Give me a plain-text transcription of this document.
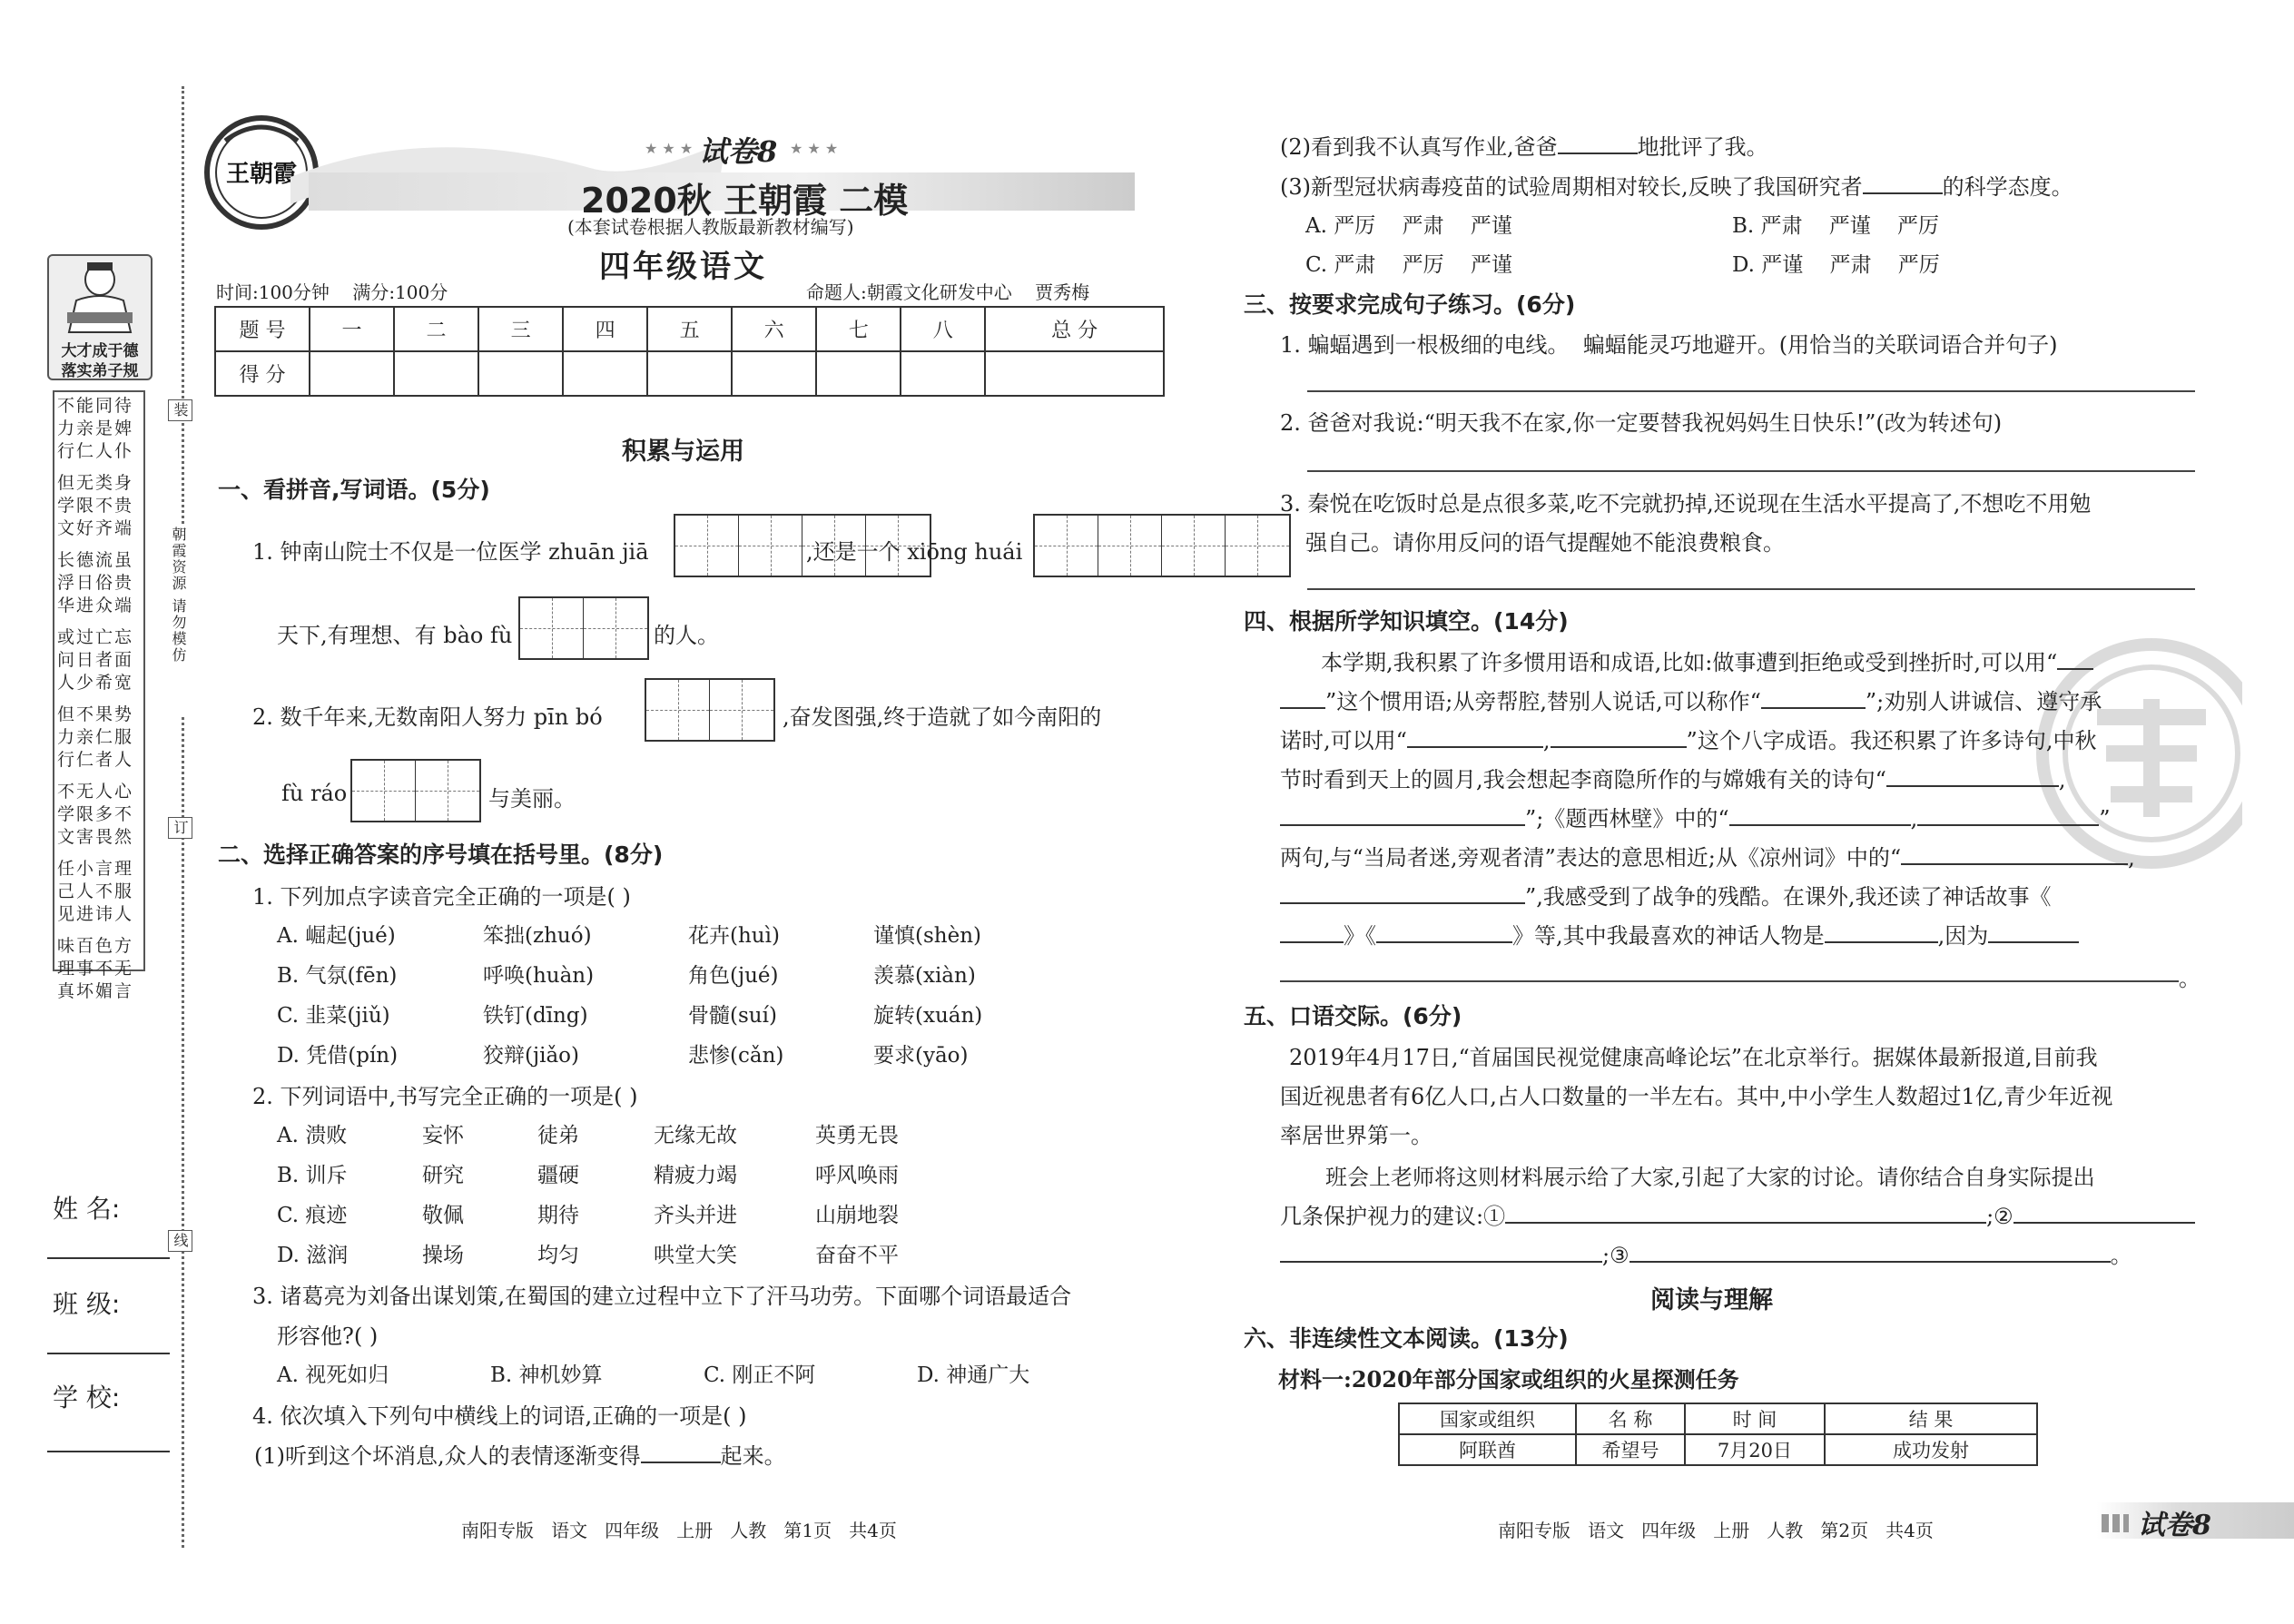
大才成于德
落实弟子规
不能同待
力亲是婢
行仁人仆
但无类身
学限不贵
文好齐端
长德流虽
浮日俗贵
华进众端
或过亡忘
问日者面
人少希宽
但不果势
力亲仁服
行仁者人
不无人心
学限多不
文害畏然
任小言理
己人不服
见进讳人
味百色方
理事不无
真坏媚言
装
朝霞资源 请勿模仿
订
线
姓 名:
班 级:
学 校:
王朝霞
★ ★ ★ 试卷8 ★ ★ ★
2020秋 王朝霞 二模
(本套试卷根据人教版最新教材编写)
四年级语文
时间:100分钟    满分:100分	命题人:朝霞文化研发中心    贾秀梅
题 号	一	二	三	四	五	六	七	八	总 分
得 分									
积累与运用
一、看拼音,写词语。(5分)
1. 钟南山院士不仅是一位医学 zhuān jiā	,还是一个 xiōng huái
天下,有理想、有 bào fù	的人。
2. 数千年来,无数南阳人努力 pīn bó	,奋发图强,终于造就了如今南阳的
fù ráo	与美丽。
二、选择正确答案的序号填在括号里。(8分)
1. 下列加点字读音完全正确的一项是( )
A. 崛起(jué)	笨拙(zhuó)	花卉(huì)	谨慎(shèn)
B. 气氛(fēn)	呼唤(huàn)	角色(jué)	羡慕(xiàn)
C. 韭菜(jiǔ)	铁钉(dīng)	骨髓(suí)	旋转(xuán)
D. 凭借(pín)	狡辩(jiǎo)	悲惨(cǎn)	要求(yāo)
2. 下列词语中,书写完全正确的一项是( )
A. 溃败	妄怀	徒弟	无缘无故	英勇无畏
B. 训斥	研究	疆硬	精疲力竭	呼风唤雨
C. 痕迹	敬佩	期待	齐头并进	山崩地裂
D. 滋润	操场	均匀	哄堂大笑	奋奋不平
3. 诸葛亮为刘备出谋划策,在蜀国的建立过程中立下了汗马功劳。下面哪个词语最适合
形容他?( )
A. 视死如归	B. 神机妙算	C. 刚正不阿	D. 神通广大
4. 依次填入下列句中横线上的词语,正确的一项是( )
(1)听到这个坏消息,众人的表情逐渐变得	起来。
南阳专版   语文   四年级   上册   人教   第1页   共4页
(2)看到我不认真写作业,爸爸	地批评了我。
(3)新型冠状病毒疫苗的试验周期相对较长,反映了我国研究者	的科学态度。
A. 严厉    严肃    严谨	B. 严肃    严谨    严厉
C. 严肃    严厉    严谨	D. 严谨    严肃    严厉
三、按要求完成句子练习。(6分)
1. 蝙蝠遇到一根极细的电线。  蝙蝠能灵巧地避开。(用恰当的关联词语合并句子)
2. 爸爸对我说:“明天我不在家,你一定要替我祝妈妈生日快乐!”(改为转述句)
3. 秦悦在吃饭时总是点很多菜,吃不完就扔掉,还说现在生活水平提高了,不想吃不用勉
强自己。请你用反问的语气提醒她不能浪费粮食。
四、根据所学知识填空。(14分)
本学期,我积累了许多惯用语和成语,比如:做事遭到拒绝或受到挫折时,可以用“
”这个惯用语;从旁帮腔,替别人说话,可以称作“	”;劝别人讲诚信、遵守承
诺时,可以用“	,	”这个八字成语。我还积累了许多诗句,中秋
节时看到天上的圆月,我会想起李商隐所作的与嫦娥有关的诗句“	,
”;《题西林壁》中的“	,	”
两句,与“当局者迷,旁观者清”表达的意思相近;从《凉州词》中的“	,
”,我感受到了战争的残酷。在课外,我还读了神话故事《
》《	》等,其中我最喜欢的神话人物是	,因为
。
五、口语交际。(6分)
2019年4月17日,“首届国民视觉健康高峰论坛”在北京举行。据媒体最新报道,目前我
国近视患者有6亿人口,占人口数量的一半左右。其中,中小学生人数超过1亿,青少年近视
率居世界第一。
班会上老师将这则材料展示给了大家,引起了大家的讨论。请你结合自身实际提出
几条保护视力的建议:①	;②
;③	。
阅读与理解
六、非连续性文本阅读。(13分)
材料一:2020年部分国家或组织的火星探测任务
国家或组织	名 称	时 间	结 果
阿联酋	希望号	7月20日	成功发射
南阳专版   语文   四年级   上册   人教   第2页   共4页	试卷8
